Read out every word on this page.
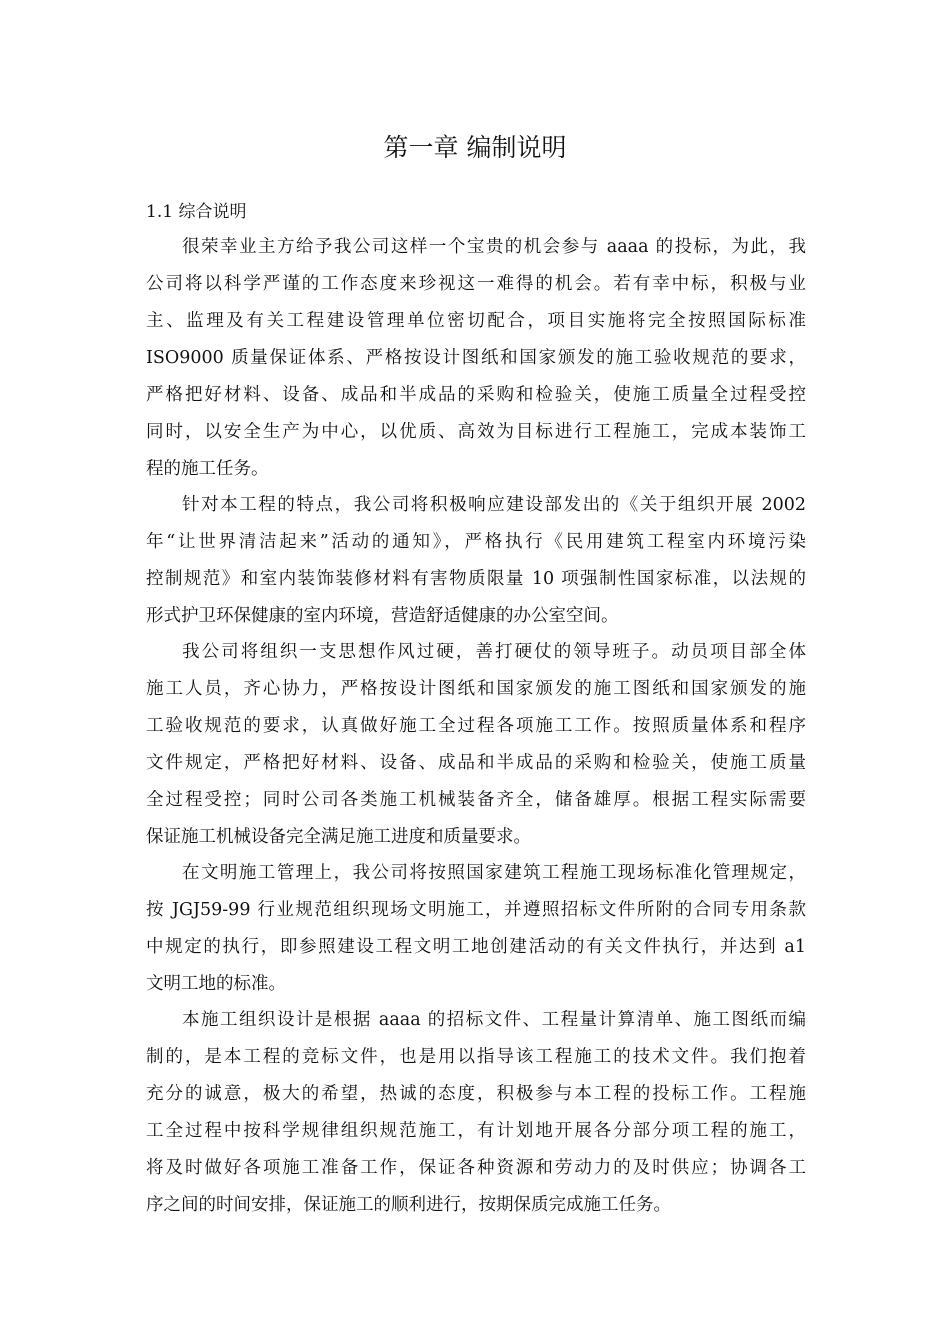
第一章 编制说明
1.1 综合说明
很荣幸业主方给予我公司这样一个宝贵的机会参与 aaaa 的投标，为此，我
公司将以科学严谨的工作态度来珍视这一难得的机会。若有幸中标，积极与业
主、监理及有关工程建设管理单位密切配合，项目实施将完全按照国际标准
ISO9000 质量保证体系、严格按设计图纸和国家颁发的施工验收规范的要求，
严格把好材料、设备、成品和半成品的采购和检验关，使施工质量全过程受控
同时，以安全生产为中心，以优质、高效为目标进行工程施工，完成本装饰工
程的施工任务。
针对本工程的特点，我公司将积极响应建设部发出的《关于组织开展 2002
年“让世界清洁起来”活动的通知》，严格执行《民用建筑工程室内环境污染
控制规范》和室内装饰装修材料有害物质限量 10 项强制性国家标准，以法规的
形式护卫环保健康的室内环境，营造舒适健康的办公室空间。
我公司将组织一支思想作风过硬，善打硬仗的领导班子。动员项目部全体
施工人员，齐心协力，严格按设计图纸和国家颁发的施工图纸和国家颁发的施
工验收规范的要求，认真做好施工全过程各项施工工作。按照质量体系和程序
文件规定，严格把好材料、设备、成品和半成品的采购和检验关，使施工质量
全过程受控；同时公司各类施工机械装备齐全，储备雄厚。根据工程实际需要
保证施工机械设备完全满足施工进度和质量要求。
在文明施工管理上，我公司将按照国家建筑工程施工现场标准化管理规定，
按 JGJ59-99 行业规范组织现场文明施工，并遵照招标文件所附的合同专用条款
中规定的执行，即参照建设工程文明工地创建活动的有关文件执行，并达到 a1
文明工地的标准。
本施工组织设计是根据 aaaa 的招标文件、工程量计算清单、施工图纸而编
制的，是本工程的竞标文件，也是用以指导该工程施工的技术文件。我们抱着
充分的诚意，极大的希望，热诚的态度，积极参与本工程的投标工作。工程施
工全过程中按科学规律组织规范施工，有计划地开展各分部分项工程的施工，
将及时做好各项施工准备工作，保证各种资源和劳动力的及时供应；协调各工
序之间的时间安排，保证施工的顺利进行，按期保质完成施工任务。
